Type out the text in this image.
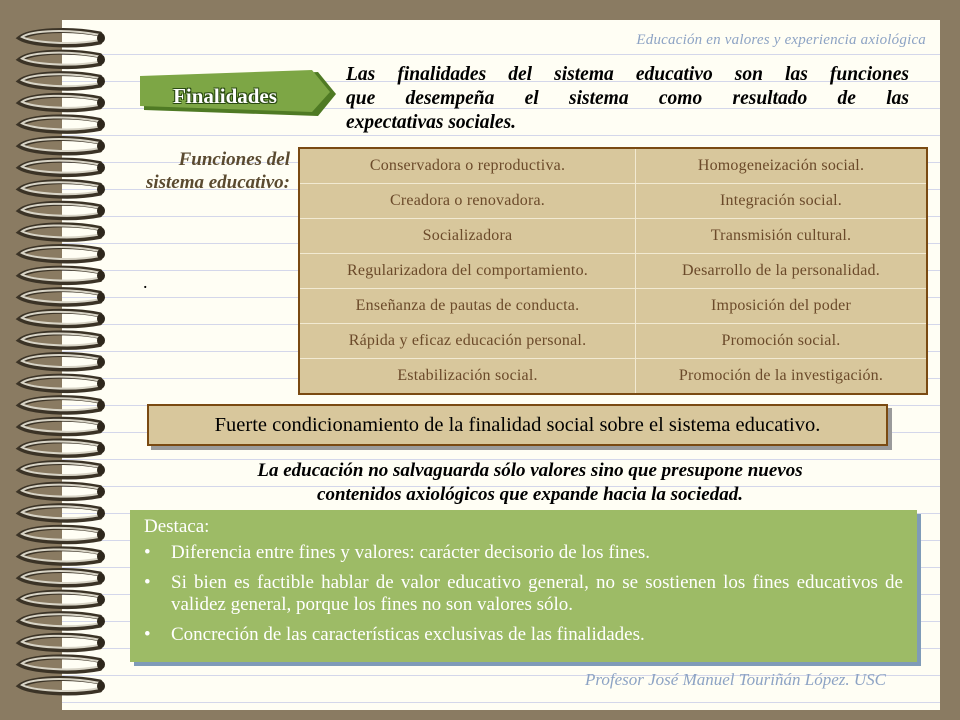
Educación en valores y experiencia axiológica
Finalidades
Las finalidades del sistema educativo son las funciones
que desempeña el sistema como resultado de las
expectativas sociales.
Funciones del
sistema educativo:
.
Conservadora o reproductiva.	Homogeneización social.
Creadora o renovadora.	Integración social.
Socializadora	Transmisión cultural.
Regularizadora del comportamiento.	Desarrollo de la personalidad.
Enseñanza de pautas de conducta.	Imposición del poder
Rápida y eficaz educación personal.	Promoción social.
Estabilización social.	Promoción de la investigación.
Fuerte condicionamiento de la finalidad social sobre el sistema educativo.
La educación no salvaguarda sólo valores sino que presupone nuevos
contenidos axiológicos que expande hacia la sociedad.
Destaca:
• Diferencia entre fines y valores: carácter decisorio de los fines.
• Si bien es factible hablar de valor educativo general, no se sostienen los fines educativos de validez general, porque los fines no son valores sólo.
• Concreción de las características exclusivas de las finalidades.
Profesor José Manuel Touriñán López. USC
